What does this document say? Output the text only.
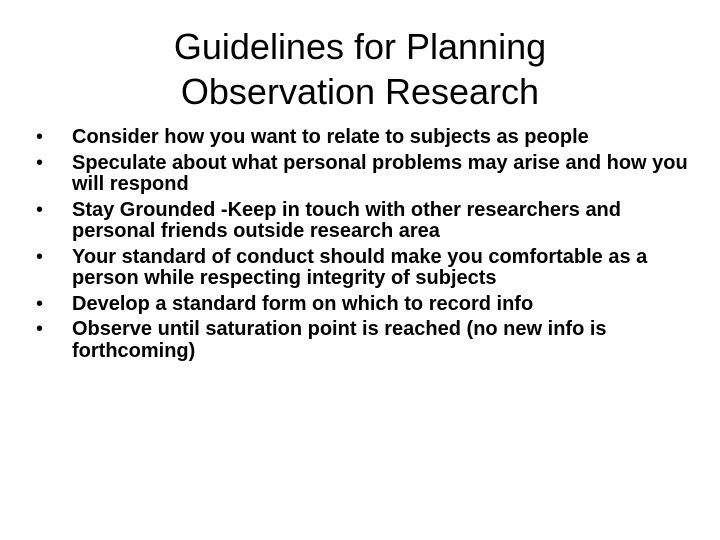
Guidelines for Planning
Observation Research
• Consider how you want to relate to subjects as people
• Speculate about what personal problems may arise and how you will respond
• Stay Grounded -Keep in touch with other researchers and personal friends outside research area
• Your standard of conduct should make you comfortable as a person while respecting integrity of subjects
• Develop a standard form on which to record info
• Observe until saturation point is reached (no new info is forthcoming)
